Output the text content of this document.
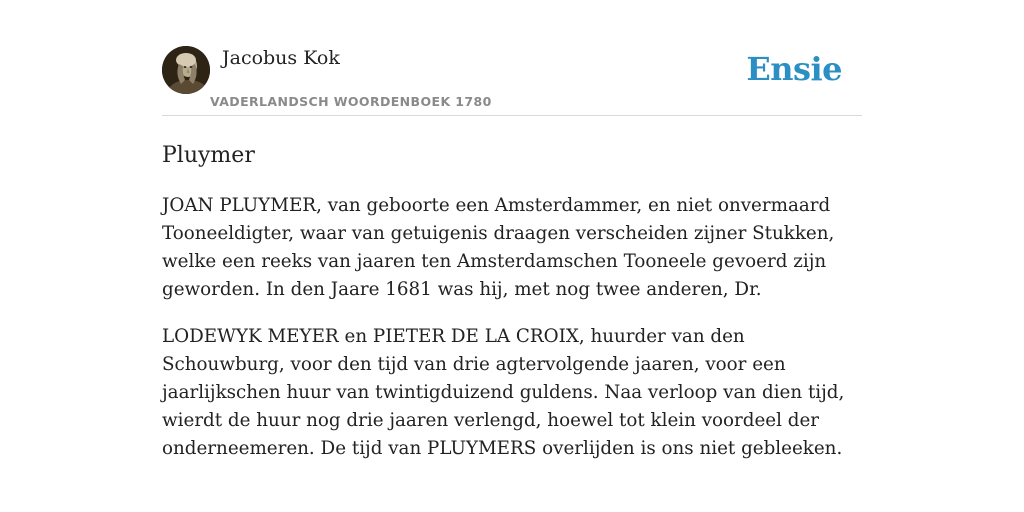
Jacobus Kok
VADERLANDSCH WOORDENBOEK 1780
Ensie
Pluymer

JOAN PLUYMER, van geboorte een Amsterdammer, en niet onvermaard Tooneeldigter, waar van getuigenis draagen verscheiden zijner Stukken, welke een reeks van jaaren ten Amsterdamschen Tooneele gevoerd zijn geworden. In den Jaare 1681 was hij, met nog twee anderen, Dr.

LODEWYK MEYER en PIETER DE LA CROIX, huurder van den Schouwburg, voor den tijd van drie agtervolgende jaaren, voor een jaarlijkschen huur van twintigduizend guldens. Naa verloop van dien tijd, wierdt de huur nog drie jaaren verlengd, hoewel tot klein voordeel der onderneemeren. De tijd van PLUYMERS overlijden is ons niet gebleeken.
